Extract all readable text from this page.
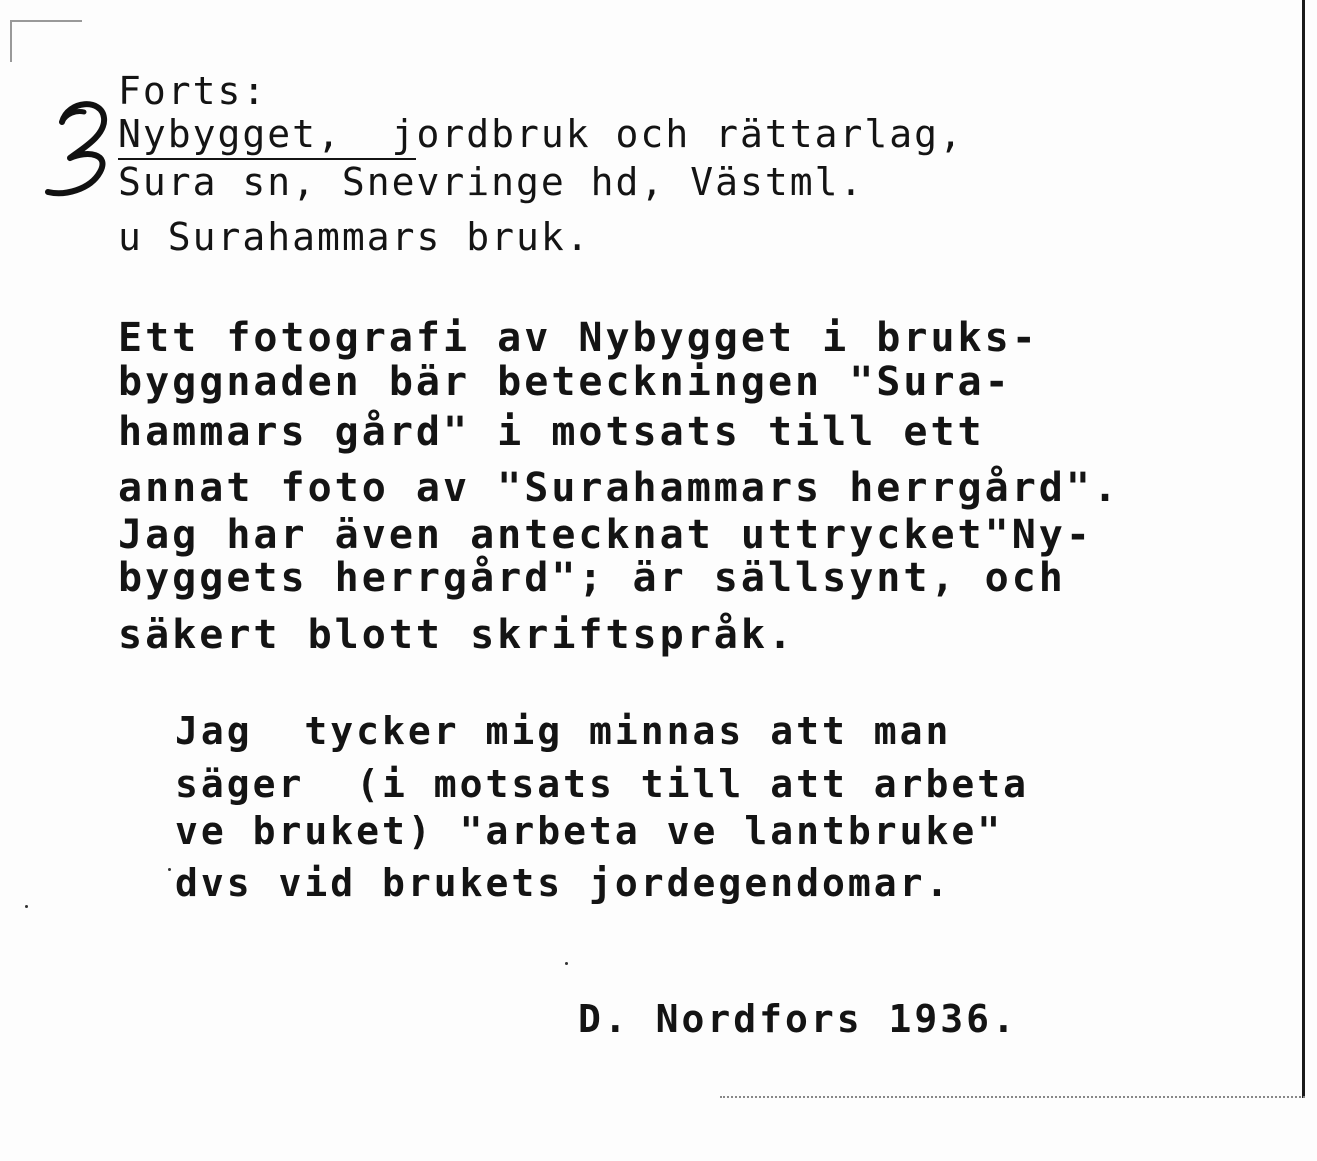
Forts:
Nybygget,  jordbruk och rättarlag,
Sura sn, Snevringe hd, Västml.
u Surahammars bruk.
Ett fotografi av Nybygget i bruks-
byggnaden bär beteckningen "Sura-
hammars gård" i motsats till ett
annat foto av "Surahammars herrgård".
Jag har även antecknat uttrycket"Ny-
byggets herrgård"; är sällsynt, och
säkert blott skriftspråk.
Jag  tycker mig minnas att man
säger  (i motsats till att arbeta
ve bruket) "arbeta ve lantbruke"
dvs vid brukets jordegendomar.
D. Nordfors 1936.
